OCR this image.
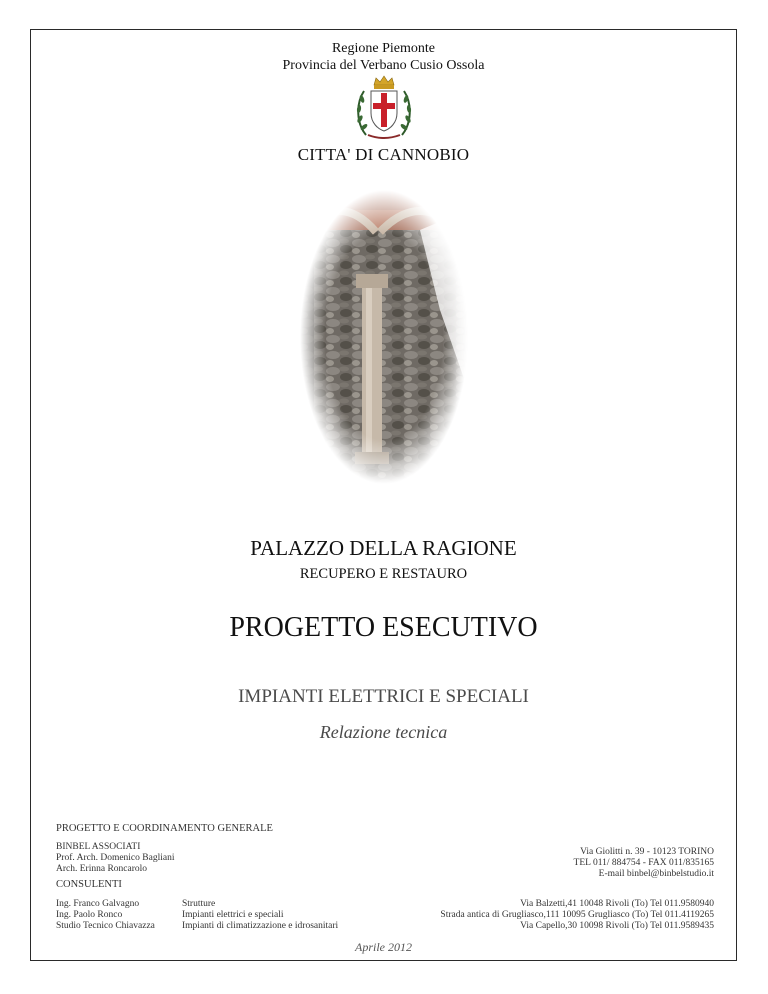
Regione Piemonte
Provincia del Verbano Cusio Ossola
CITTA' DI CANNOBIO
PALAZZO DELLA RAGIONE
RECUPERO E RESTAURO
PROGETTO ESECUTIVO
IMPIANTI ELETTRICI E SPECIALI
Relazione tecnica
PROGETTO E COORDINAMENTO GENERALE
BINBEL ASSOCIATI
Prof. Arch. Domenico Bagliani
Arch. Erinna Roncarolo
Via Giolitti n. 39 - 10123 TORINO
TEL 011/ 884754 - FAX 011/835165
E-mail binbel@binbelstudio.it
CONSULENTI
Ing. Franco Galvagno
Ing. Paolo Ronco
Studio Tecnico Chiavazza
Strutture
Impianti elettrici e speciali
Impianti di climatizzazione e idrosanitari
Via Balzetti,41 10048 Rivoli (To) Tel 011.9580940
Strada antica di Grugliasco,111 10095 Grugliasco (To) Tel 011.4119265
Via Capello,30 10098 Rivoli (To) Tel 011.9589435
Aprile 2012
